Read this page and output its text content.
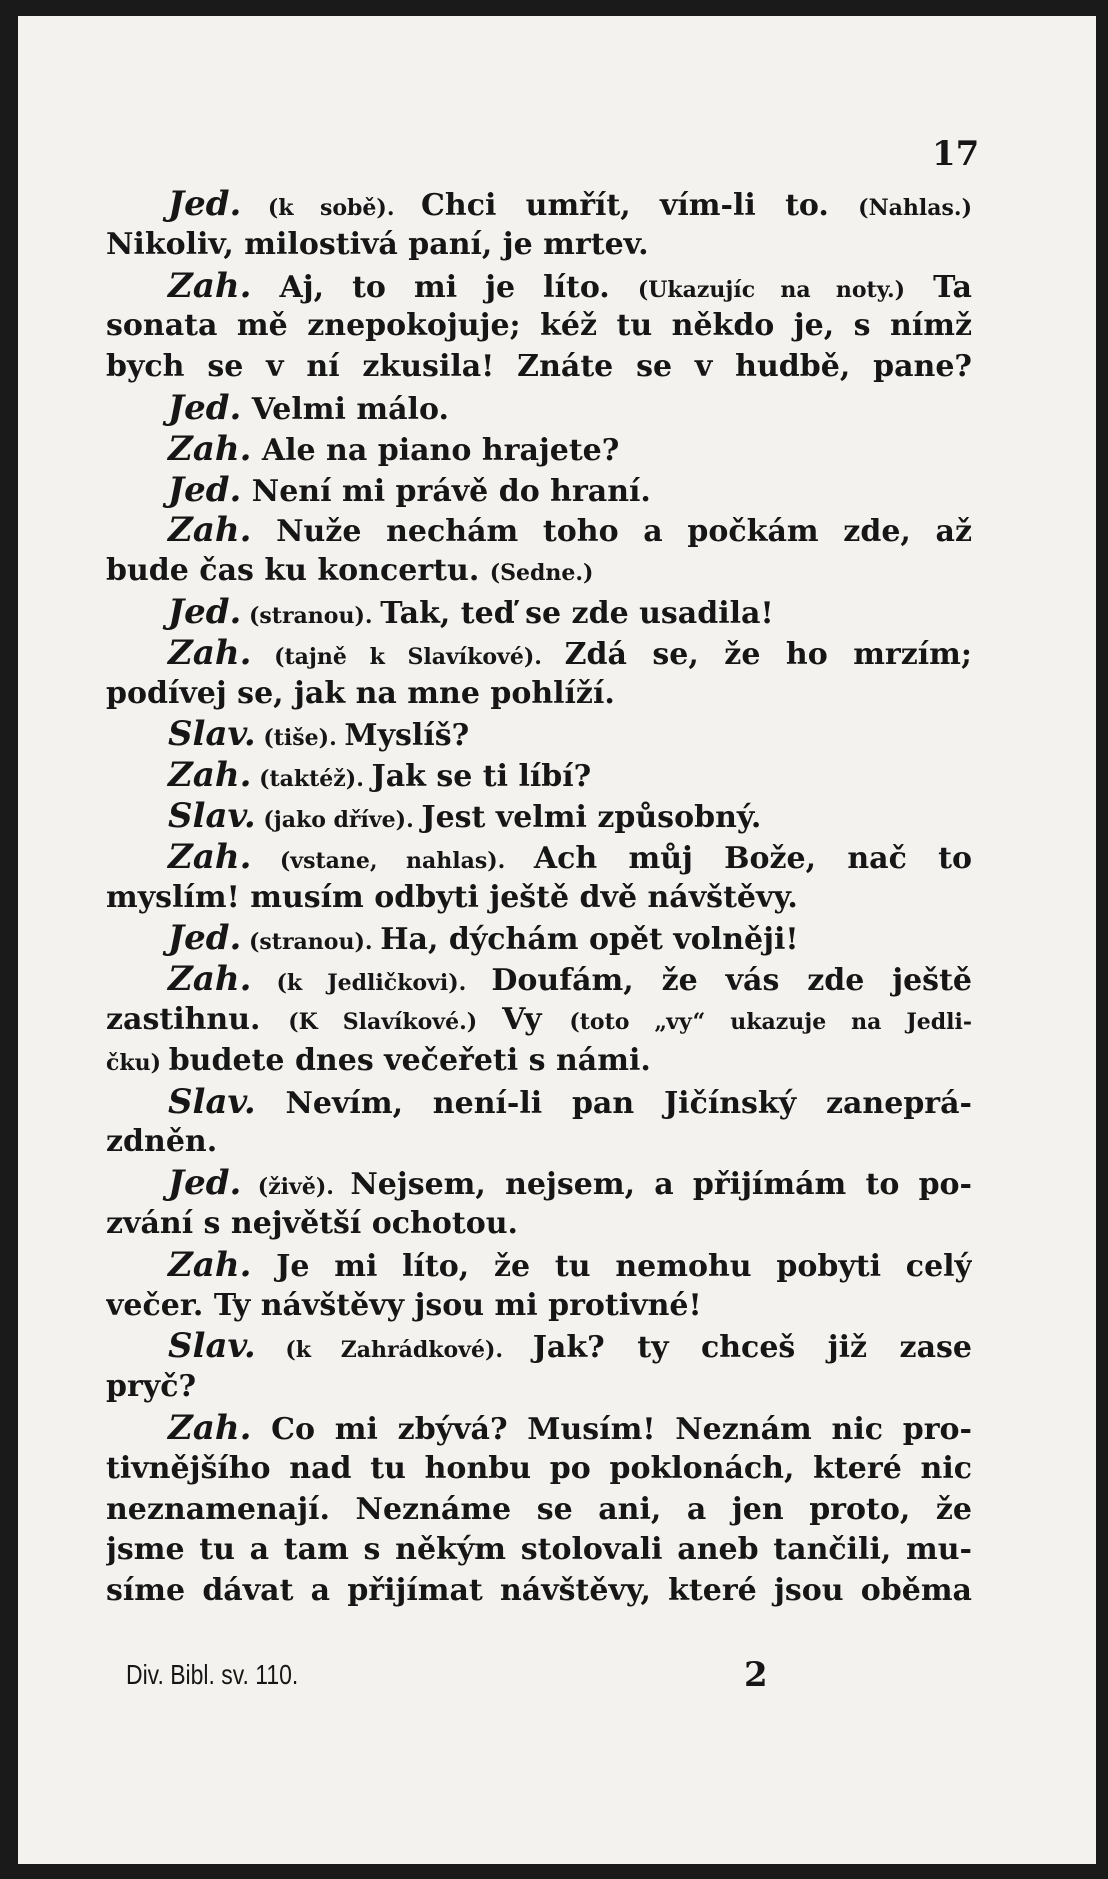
17
Jed. (k sobě). Chci umřít, vím-li to. (Nahlas.)
Nikoliv, milostivá paní, je mrtev.
Zah. Aj, to mi je líto. (Ukazujíc na noty.) Ta
sonata mě znepokojuje; kéž tu někdo je, s nímž
bych se v ní zkusila! Znáte se v hudbě, pane?
Jed. Velmi málo.
Zah. Ale na piano hrajete?
Jed. Není mi právě do hraní.
Zah. Nuže nechám toho a počkám zde, až
bude čas ku koncertu. (Sedne.)
Jed. (stranou). Tak, teď se zde usadila!
Zah. (tajně k Slavíkové). Zdá se, že ho mrzím;
podívej se, jak na mne pohlíží.
Slav. (tiše). Myslíš?
Zah. (taktéž). Jak se ti líbí?
Slav. (jako dříve). Jest velmi způsobný.
Zah. (vstane, nahlas). Ach můj Bože, nač to
myslím! musím odbyti ještě dvě návštěvy.
Jed. (stranou). Ha, dýchám opět volněji!
Zah. (k Jedličkovi). Doufám, že vás zde ještě
zastihnu. (K Slavíkové.) Vy (toto „vy“ ukazuje na Jedli-
čku) budete dnes večeřeti s námi.
Slav. Nevím, není-li pan Jičínský zaneprá-
zdněn.
Jed. (živě). Nejsem, nejsem, a přijímám to po-
zvání s největší ochotou.
Zah. Je mi líto, že tu nemohu pobyti celý
večer. Ty návštěvy jsou mi protivné!
Slav. (k Zahrádkové). Jak? ty chceš již zase
pryč?
Zah. Co mi zbývá? Musím! Neznám nic pro-
tivnějšího nad tu honbu po poklonách, které nic
neznamenají. Neznáme se ani, a jen proto, že
jsme tu a tam s někým stolovali aneb tančili, mu-
síme dávat a přijímat návštěvy, které jsou oběma
Div. Bibl. sv. 110.	2
